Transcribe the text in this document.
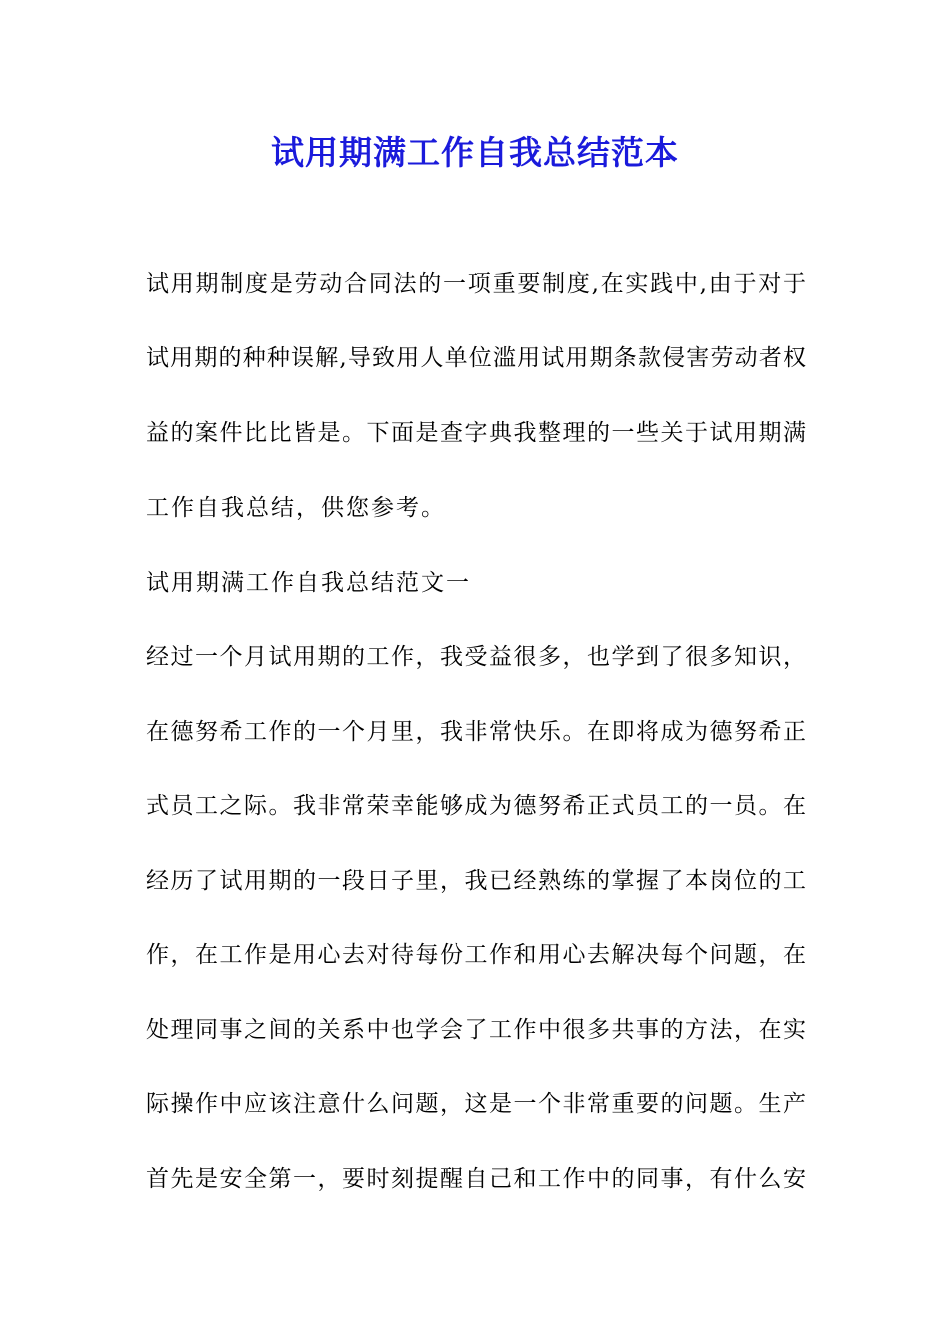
试用期满工作自我总结范本
试用期制度是劳动合同法的一项重要制度,在实践中,由于对于
试用期的种种误解,导致用人单位滥用试用期条款侵害劳动者权
益的案件比比皆是。下面是查字典我整理的一些关于试用期满
工作自我总结，供您参考。
试用期满工作自我总结范文一
经过一个月试用期的工作，我受益很多，也学到了很多知识，
在德努希工作的一个月里，我非常快乐。在即将成为德努希正
式员工之际。我非常荣幸能够成为德努希正式员工的一员。在
经历了试用期的一段日子里，我已经熟练的掌握了本岗位的工
作，在工作是用心去对待每份工作和用心去解决每个问题，在
处理同事之间的关系中也学会了工作中很多共事的方法，在实
际操作中应该注意什么问题，这是一个非常重要的问题。生产
首先是安全第一，要时刻提醒自己和工作中的同事，有什么安
